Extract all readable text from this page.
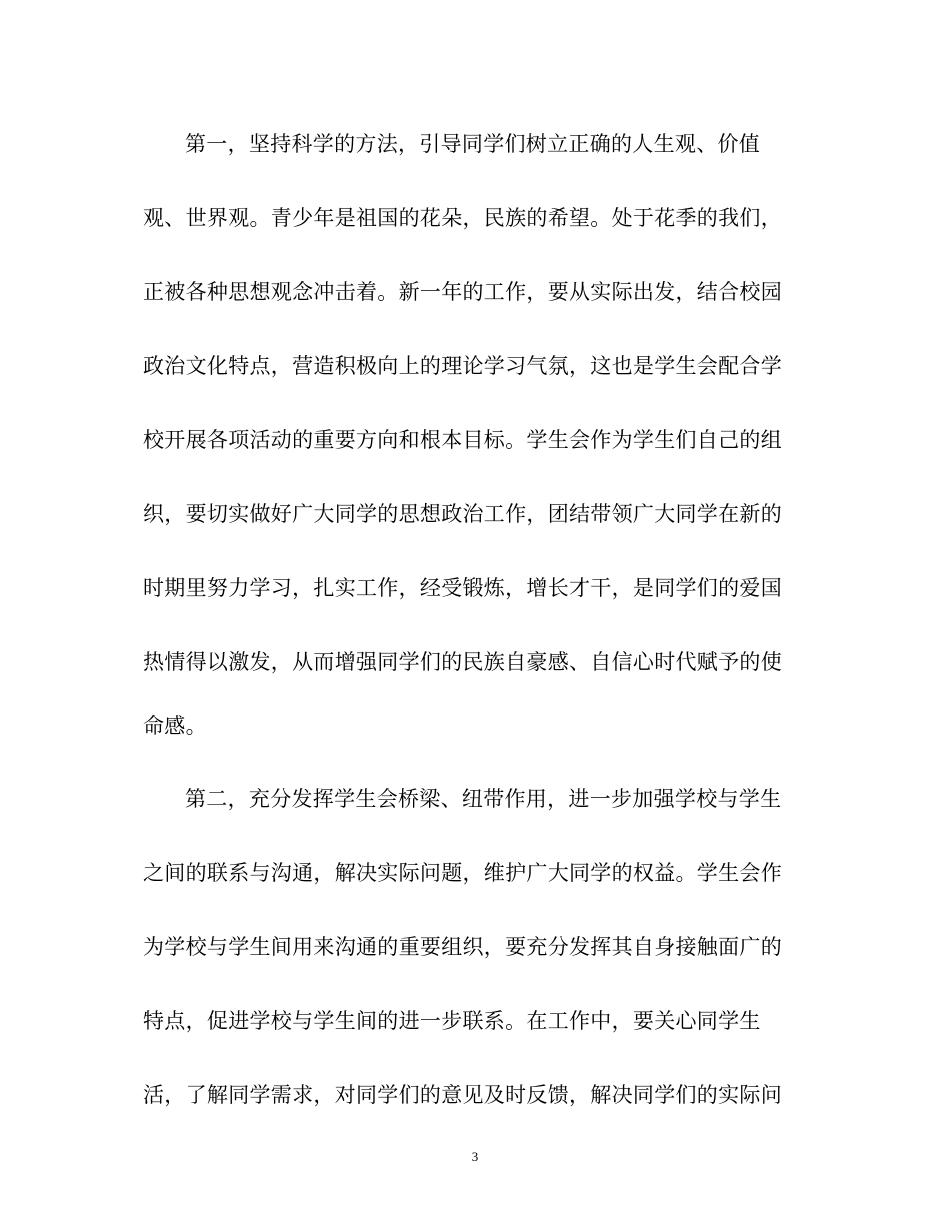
第一，坚持科学的方法，引导同学们树立正确的人生观、价值
观、世界观。青少年是祖国的花朵，民族的希望。处于花季的我们，
正被各种思想观念冲击着。新一年的工作，要从实际出发，结合校园
政治文化特点，营造积极向上的理论学习气氛，这也是学生会配合学
校开展各项活动的重要方向和根本目标。学生会作为学生们自己的组
织，要切实做好广大同学的思想政治工作，团结带领广大同学在新的
时期里努力学习，扎实工作，经受锻炼，增长才干，是同学们的爱国
热情得以激发，从而增强同学们的民族自豪感、自信心时代赋予的使
命感。
第二，充分发挥学生会桥梁、纽带作用，进一步加强学校与学生
之间的联系与沟通，解决实际问题，维护广大同学的权益。学生会作
为学校与学生间用来沟通的重要组织，要充分发挥其自身接触面广的
特点，促进学校与学生间的进一步联系。在工作中，要关心同学生
活，了解同学需求，对同学们的意见及时反馈，解决同学们的实际问
3
